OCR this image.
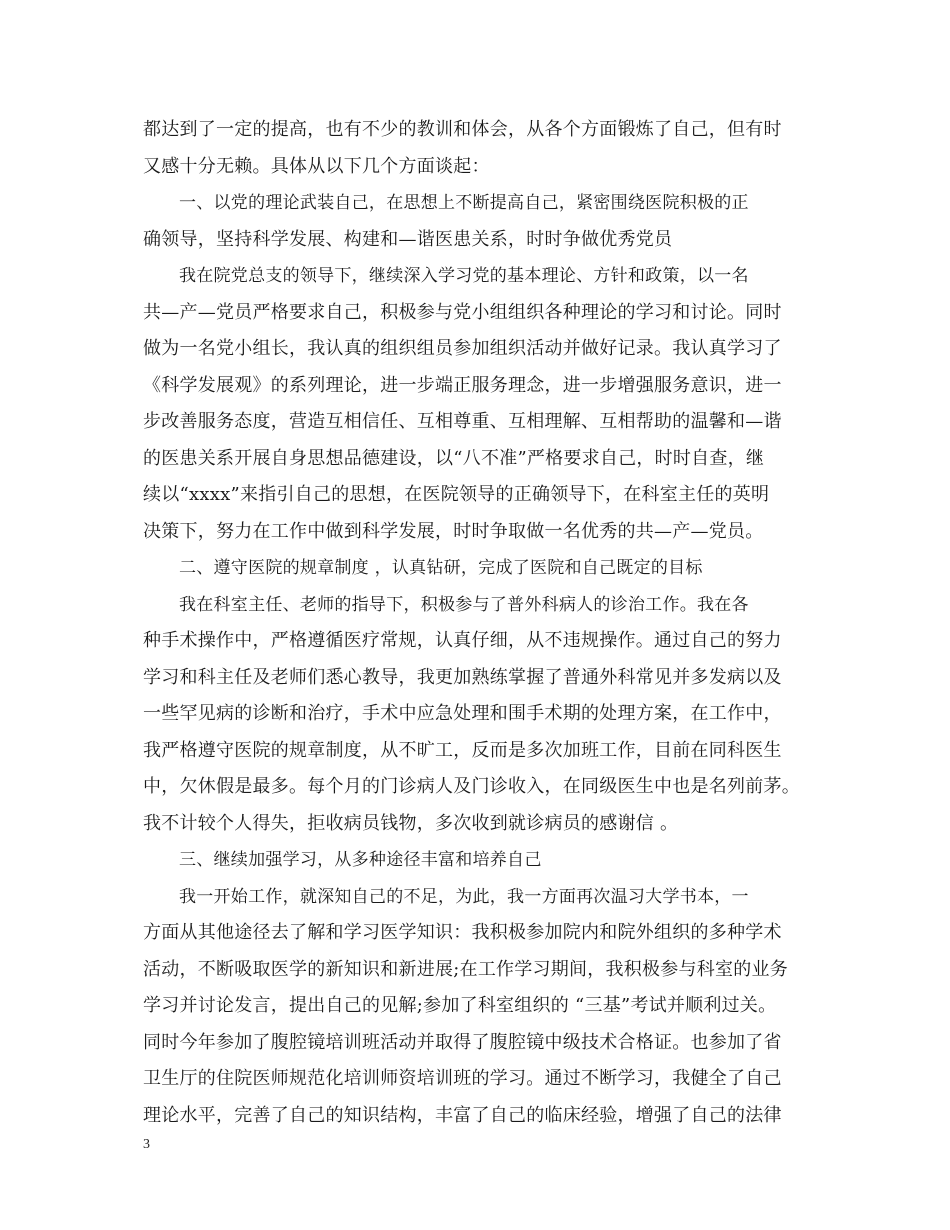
都达到了一定的提高，也有不少的教训和体会，从各个方面锻炼了自己，但有时
又感十分无赖。具体从以下几个方面谈起：
一、以党的理论武装自己，在思想上不断提高自己，紧密围绕医院积极的正
确领导，坚持科学发展、构建和—谐医患关系，时时争做优秀党员
我在院党总支的领导下，继续深入学习党的基本理论、方针和政策，以一名
共—产—党员严格要求自己，积极参与党小组组织各种理论的学习和讨论。同时
做为一名党小组长，我认真的组织组员参加组织活动并做好记录。我认真学习了
《科学发展观》的系列理论，进一步端正服务理念，进一步增强服务意识，进一
步改善服务态度，营造互相信任、互相尊重、互相理解、互相帮助的温馨和—谐
的医患关系开展自身思想品德建设，以“八不准”严格要求自己，时时自查，继
续以“xxxx”来指引自己的思想，在医院领导的正确领导下，在科室主任的英明
决策下，努力在工作中做到科学发展，时时争取做一名优秀的共—产—党员。
二、遵守医院的规章制度 ，认真钻研，完成了医院和自己既定的目标
我在科室主任、老师的指导下，积极参与了普外科病人的诊治工作。我在各
种手术操作中，严格遵循医疗常规，认真仔细，从不违规操作。通过自己的努力
学习和科主任及老师们悉心教导，我更加熟练掌握了普通外科常见并多发病以及
一些罕见病的诊断和治疗，手术中应急处理和围手术期的处理方案，在工作中，
我严格遵守医院的规章制度，从不旷工，反而是多次加班工作，目前在同科医生
中，欠休假是最多。每个月的门诊病人及门诊收入，在同级医生中也是名列前茅。
我不计较个人得失，拒收病员钱物，多次收到就诊病员的感谢信 。
三、继续加强学习，从多种途径丰富和培养自己
我一开始工作，就深知自己的不足，为此，我一方面再次温习大学书本，一
方面从其他途径去了解和学习医学知识：我积极参加院内和院外组织的多种学术
活动，不断吸取医学的新知识和新进展;在工作学习期间，我积极参与科室的业务
学习并讨论发言，提出自己的见解;参加了科室组织的 “三基”考试并顺利过关。
同时今年参加了腹腔镜培训班活动并取得了腹腔镜中级技术合格证。也参加了省
卫生厅的住院医师规范化培训师资培训班的学习。通过不断学习，我健全了自己
理论水平，完善了自己的知识结构，丰富了自己的临床经验，增强了自己的法律
3
